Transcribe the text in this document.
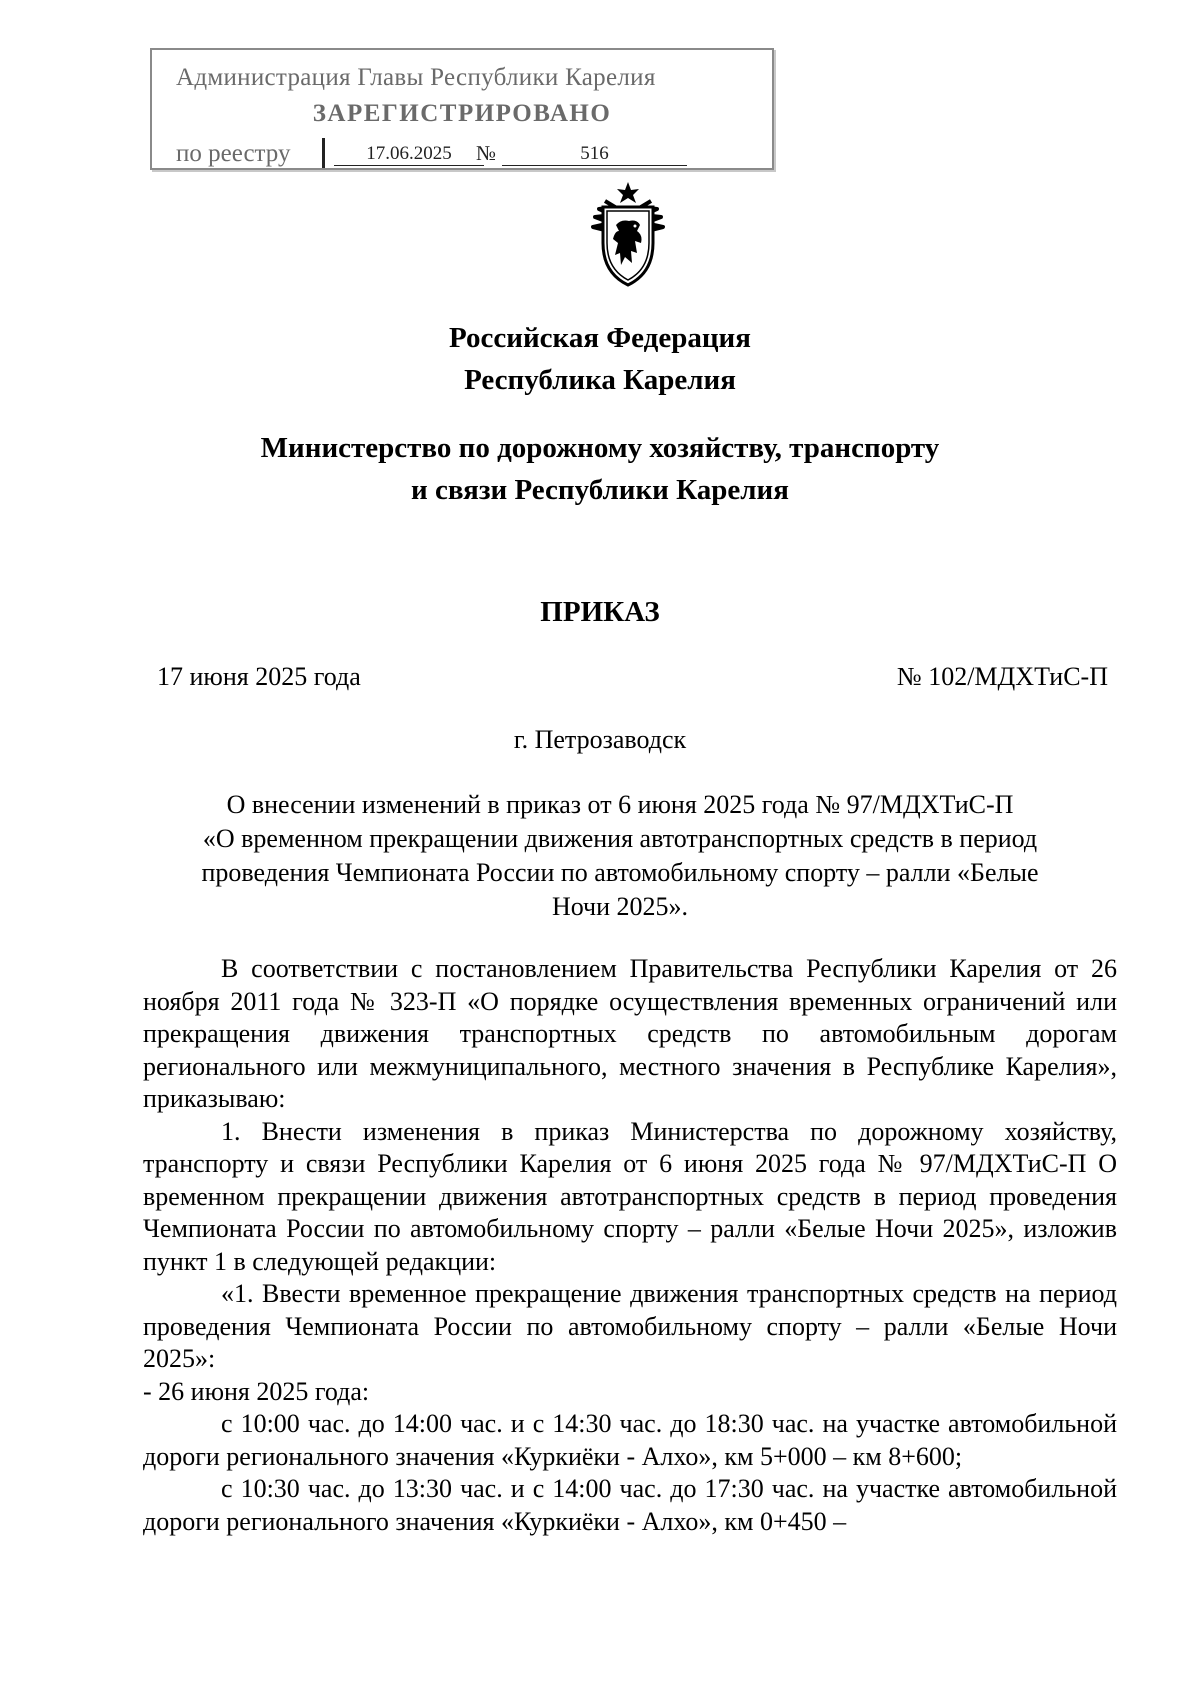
Администрация Главы Республики Карелия
ЗАРЕГИСТРИРОВАНО
по реестру	17.06.2025	№	516
Российская Федерация
Республика Карелия
Министерство по дорожному хозяйству, транспорту
и связи Республики Карелия
ПРИКАЗ
17 июня 2025 года	№ 102/МДХТиС-П
г. Петрозаводск
О внесении изменений в приказ от 6 июня 2025 года № 97/МДХТиС-П
«О временном прекращении движения автотранспортных средств в период
проведения Чемпионата России по автомобильному спорту – ралли «Белые
Ночи 2025».

В соответствии с постановлением Правительства Республики Карелия от 26 ноября 2011 года № 323-П «О порядке осуществления временных ограничений или прекращения движения транспортных средств по автомобильным дорогам регионального или межмуниципального, местного значения в Республике Карелия», приказываю:

1. Внести изменения в приказ Министерства по дорожному хозяйству, транспорту и связи Республики Карелия от 6 июня 2025 года № 97/МДХТиС-П О временном прекращении движения автотранспортных средств в период проведения Чемпионата России по автомобильному спорту – ралли «Белые Ночи 2025», изложив пункт 1 в следующей редакции:

«1. Ввести временное прекращение движения транспортных средств на период проведения Чемпионата России по автомобильному спорту – ралли «Белые Ночи 2025»:

- 26 июня 2025 года:

с 10:00 час. до 14:00 час. и с 14:30 час. до 18:30 час. на участке автомобильной дороги регионального значения «Куркиёки - Алхо», км 5+000 – км 8+600;

с 10:30 час. до 13:30 час. и с 14:00 час. до 17:30 час. на участке автомобильной дороги регионального значения «Куркиёки - Алхо», км 0+450 –
